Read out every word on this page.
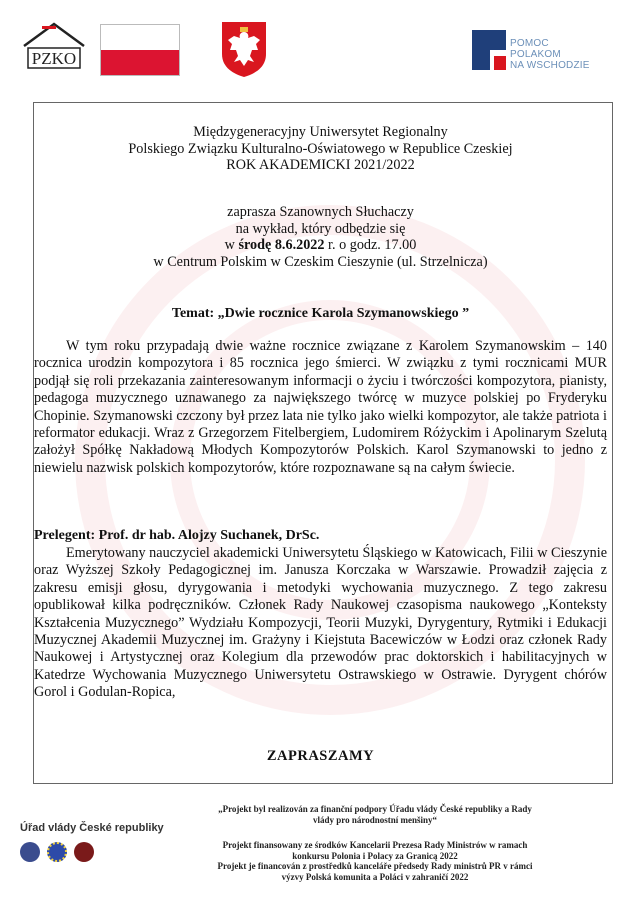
PZKO
POMOC
POLAKOM
NA WSCHODZIE
Międzygeneracyjny Uniwersytet Regionalny
Polskiego Związku Kulturalno-Oświatowego w Republice Czeskiej
ROK AKADEMICKI 2021/2022
zaprasza Szanownych Słuchaczy
na wykład, który odbędzie się
w środę 8.6.2022 r. o godz. 17.00
w Centrum Polskim w Czeskim Cieszynie (ul. Strzelnicza)
Temat: „Dwie rocznice Karola Szymanowskiego ”
W tym roku przypadają dwie ważne rocznice związane z Karolem Szymanowskim – 140 rocznica urodzin kompozytora i 85 rocznica jego śmierci. W związku z tymi rocznicami MUR podjął się roli przekazania zainteresowanym informacji o życiu i twórczości kompozytora, pianisty, pedagoga muzycznego uznawanego za największego twórcę w muzyce polskiej po Fryderyku Chopinie. Szymanowski czczony był przez lata nie tylko jako wielki kompozytor, ale także patriota i reformator edukacji. Wraz z Grzegorzem Fitelbergiem, Ludomirem Różyckim i Apolinarym Szelutą założył Spółkę Nakładową Młodych Kompozytorów Polskich. Karol Szymanowski to jedno z niewielu nazwisk polskich kompozytorów, które rozpoznawane są na całym świecie.
Prelegent: Prof. dr hab. Alojzy Suchanek, DrSc.
Emerytowany nauczyciel akademicki Uniwersytetu Śląskiego w Katowicach, Filii w Cieszynie oraz Wyższej Szkoły Pedagogicznej im. Janusza Korczaka w Warszawie. Prowadził zajęcia z zakresu emisji głosu, dyrygowania i metodyki wychowania muzycznego. Z tego zakresu opublikował kilka podręczników. Członek Rady Naukowej czasopisma naukowego „Konteksty Kształcenia Muzycznego” Wydziału Kompozycji, Teorii Muzyki, Dyrygentury, Rytmiki i Edukacji Muzycznej Akademii Muzycznej im. Grażyny i Kiejstuta Bacewiczów w Łodzi oraz członek Rady Naukowej i Artystycznej oraz Kolegium dla przewodów prac doktorskich i habilitacyjnych w Katedrze Wychowania Muzycznego Uniwersytetu Ostrawskiego w Ostrawie. Dyrygent chórów Gorol i Godulan-Ropica,
ZAPRASZAMY
Úřad vlády České republiky

„Projekt byl realizován za finanční podpory Úřadu vlády České republiky a Rady
vlády pro národnostní menšiny“
Projekt finansowany ze środków Kancelarii Prezesa Rady Ministrów w ramach
konkursu Polonia i Polacy za Granicą 2022
Projekt je financován z prostředků kanceláře předsedy Rady ministrů PR v rámci
výzvy Polská komunita a Poláci v zahraničí 2022
